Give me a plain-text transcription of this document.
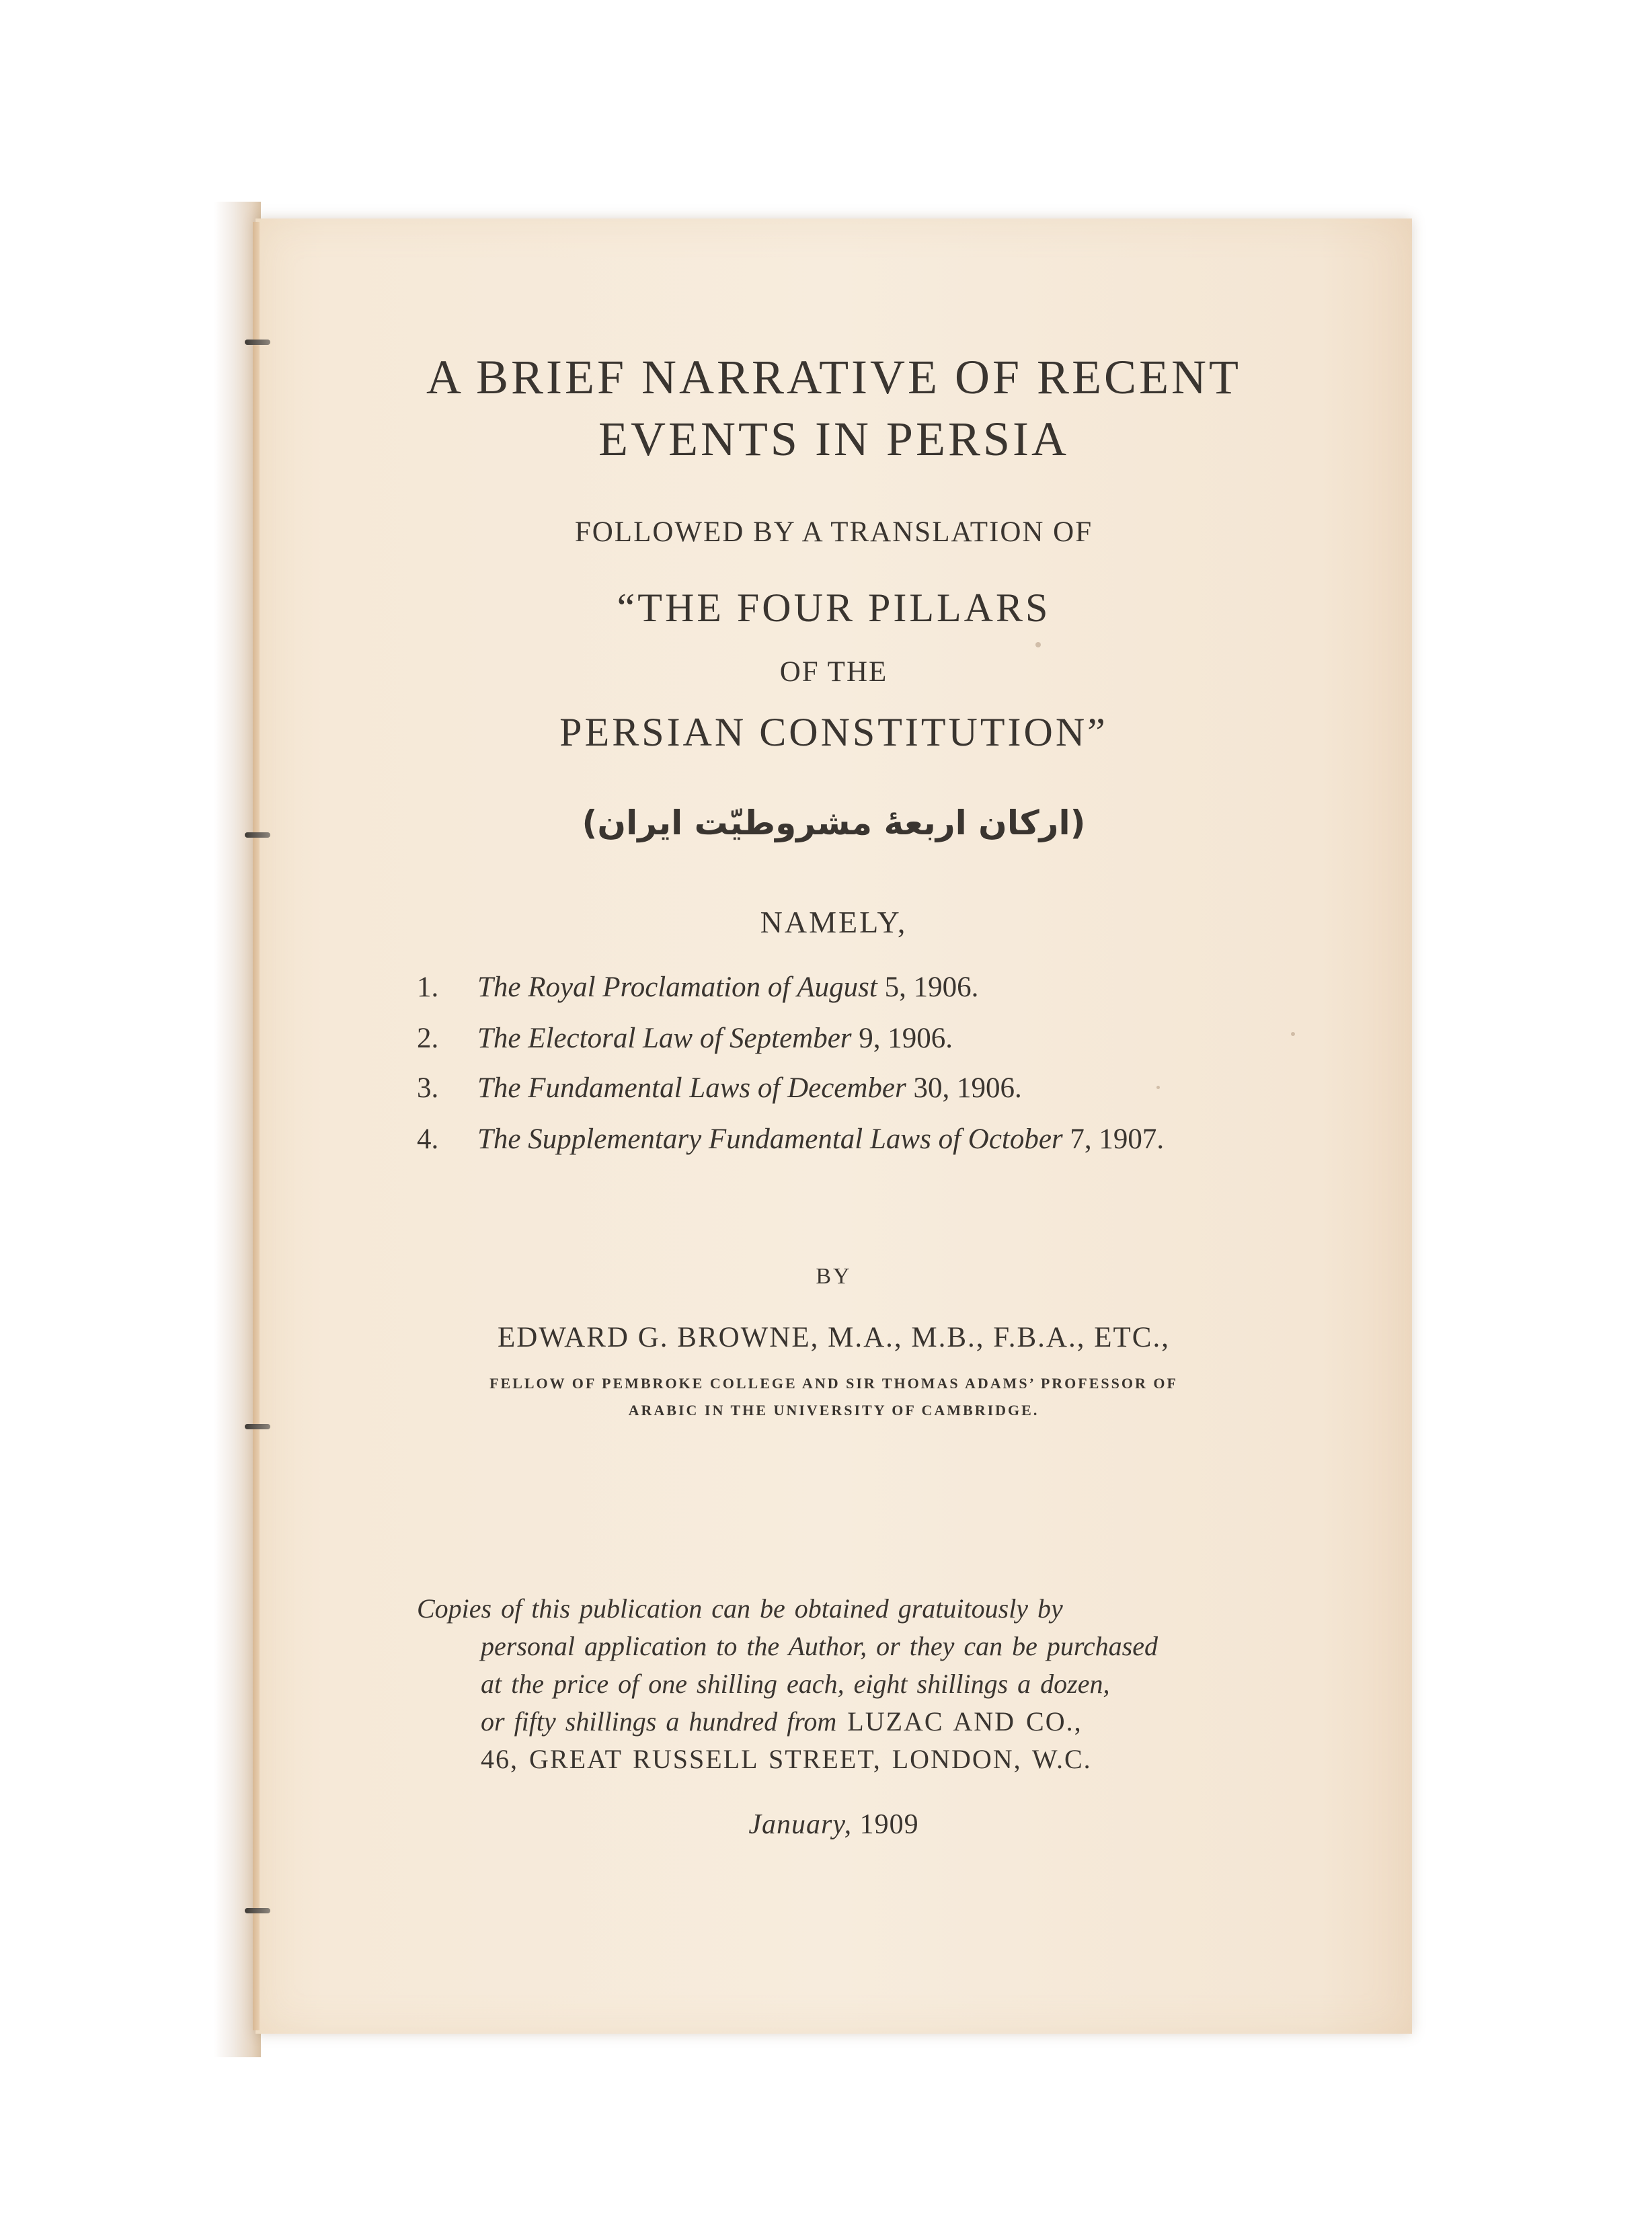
A BRIEF NARRATIVE OF RECENT
EVENTS IN PERSIA
FOLLOWED BY A TRANSLATION OF
“THE FOUR PILLARS
OF THE
PERSIAN CONSTITUTION”
(ارکان اربعهٔ مشروطیّت ایران)
NAMELY,
1. The Royal Proclamation of August 5, 1906.
2. The Electoral Law of September 9, 1906.
3. The Fundamental Laws of December 30, 1906.
4. The Supplementary Fundamental Laws of October 7, 1907.
BY
EDWARD G. BROWNE, M.A., M.B., F.B.A., ETC.,
FELLOW OF PEMBROKE COLLEGE AND SIR THOMAS ADAMS’ PROFESSOR OF
ARABIC IN THE UNIVERSITY OF CAMBRIDGE.
Copies of this publication can be obtained gratuitously by
personal application to the Author, or they can be purchased
at the price of one shilling each, eight shillings a dozen,
or fifty shillings a hundred from LUZAC AND CO.,
46, GREAT RUSSELL STREET, LONDON, W.C.
January, 1909
